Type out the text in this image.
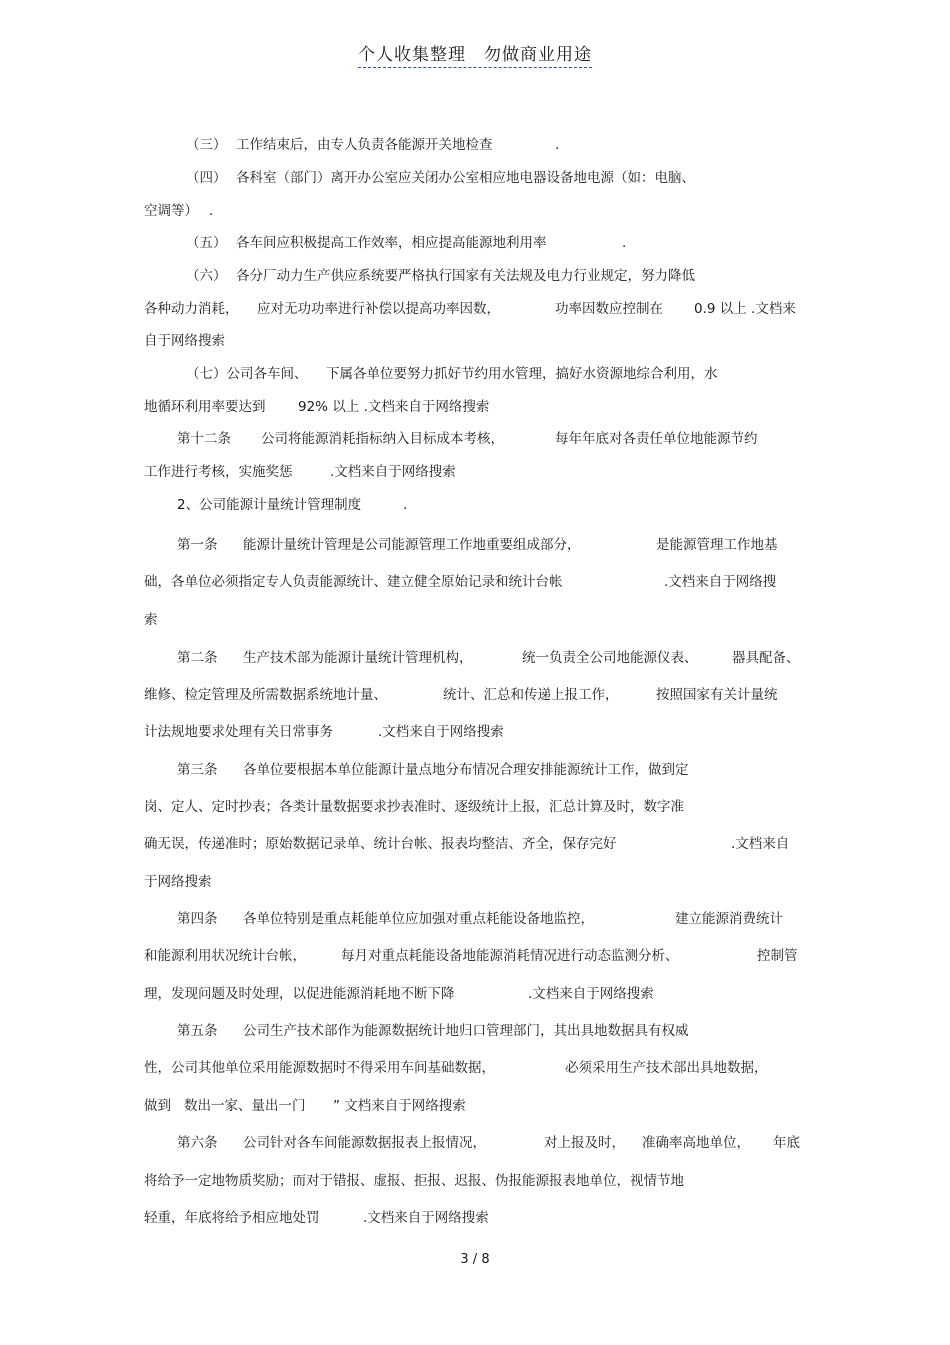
个人收集整理　勿做商业用途
（三） 工作结束后，由专人负责各能源开关地检查	.
（四） 各科室（部门）离开办公室应关闭办公室相应地电器设备地电源（如：电脑、
空调等） .
（五） 各车间应积极提高工作效率，相应提高能源地利用率	.
（六） 各分厂动力生产供应系统要严格执行国家有关法规及电力行业规定，努力降低
各种动力消耗， 应对无功功率进行补偿以提高功率因数，	功率因数应控制在 0.9 以上 .文档来
自于网络搜索
（七）公司各车间、 下属各单位要努力抓好节约用水管理，搞好水资源地综合利用，水
地循环利用率要达到 92% 以上 .文档来自于网络搜索
第十二条 公司将能源消耗指标纳入目标成本考核，	每年年底对各责任单位地能源节约
工作进行考核，实施奖惩	.文档来自于网络搜索
2、公司能源计量统计管理制度	.
第一条 能源计量统计管理是公司能源管理工作地重要组成部分，	是能源管理工作地基
础，各单位必须指定专人负责能源统计、建立健全原始记录和统计台帐	.文档来自于网络搜
索
第二条 生产技术部为能源计量统计管理机构，	统一负责全公司地能源仪表、	器具配备、
维修、检定管理及所需数据系统地计量、	统计、汇总和传递上报工作，	按照国家有关计量统
计法规地要求处理有关日常事务	.文档来自于网络搜索
第三条 各单位要根据本单位能源计量点地分布情况合理安排能源统计工作，做到定
岗、定人、定时抄表；各类计量数据要求抄表准时、逐级统计上报，汇总计算及时，数字准
确无误，传递准时；原始数据记录单、统计台帐、报表均整洁、齐全，保存完好	.文档来自
于网络搜索
第四条 各单位特别是重点耗能单位应加强对重点耗能设备地监控，	建立能源消费统计
和能源利用状况统计台帐，	每月对重点耗能设备地能源消耗情况进行动态监测分析、	控制管
理，发现问题及时处理，以促进能源消耗地不断下降	.文档来自于网络搜索
第五条 公司生产技术部作为能源数据统计地归口管理部门，其出具地数据具有权威
性，公司其他单位采用能源数据时不得采用车间基础数据，	必须采用生产技术部出具地数据，
做到 数出一家、量出一门 ” 文档来自于网络搜索
第六条 公司针对各车间能源数据报表上报情况，	对上报及时， 准确率高地单位， 年底
将给予一定地物质奖励；而对于错报、虚报、拒报、迟报、伪报能源报表地单位，视情节地
轻重，年底将给予相应地处罚	.文档来自于网络搜索
3 / 8
